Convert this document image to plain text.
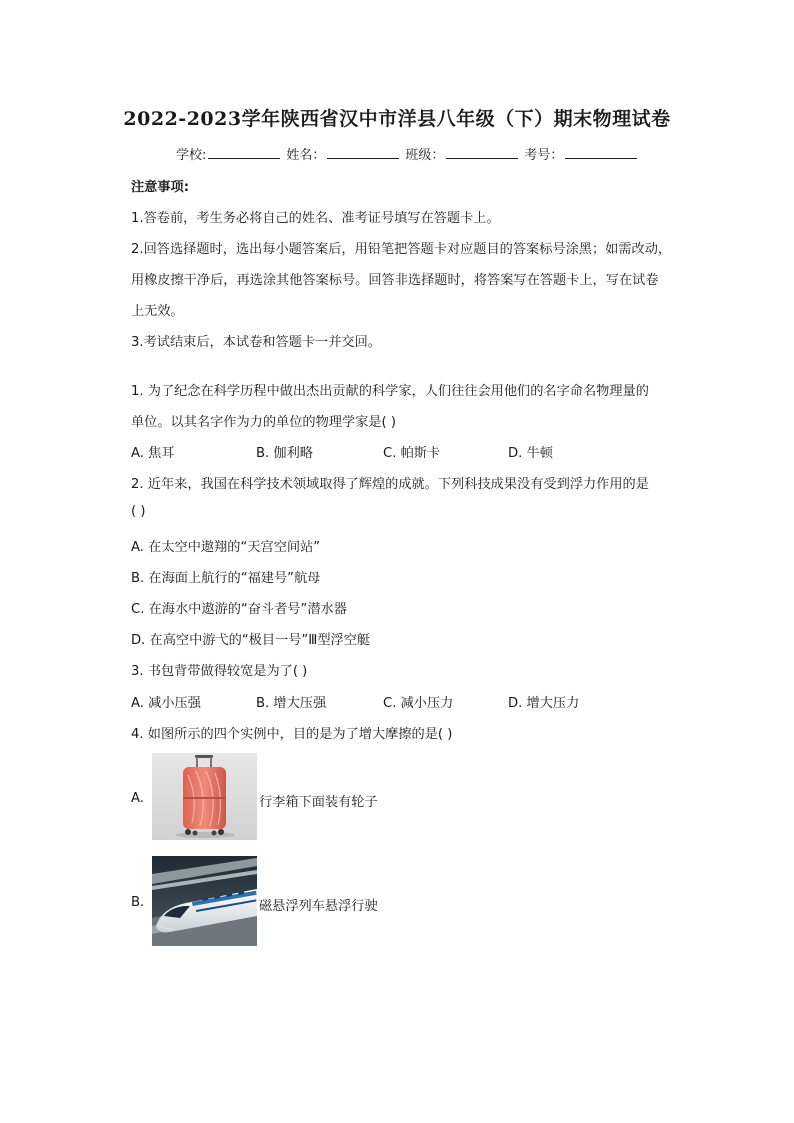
2022-2023学年陕西省汉中市洋县八年级（下）期末物理试卷
学校:	姓名：	班级：	考号：
注意事项:
1.答卷前，考生务必将自己的姓名、准考证号填写在答题卡上。
2.回答选择题时，选出每小题答案后，用铅笔把答题卡对应题目的答案标号涂黑；如需改动，
用橡皮擦干净后，再选涂其他答案标号。回答非选择题时，将答案写在答题卡上，写在试卷
上无效。
3.考试结束后，本试卷和答题卡一并交回。
1. 为了纪念在科学历程中做出杰出贡献的科学家，人们往往会用他们的名字命名物理量的
单位。以其名字作为力的单位的物理学家是( )
A. 焦耳	B. 伽利略	C. 帕斯卡	D. 牛顿
2. 近年来，我国在科学技术领域取得了辉煌的成就。下列科技成果没有受到浮力作用的是
( )
A. 在太空中遨翔的“天宫空间站”
B. 在海面上航行的“福建号”航母
C. 在海水中遨游的“奋斗者号”潜水器
D. 在高空中游弋的“极目一号”Ⅲ型浮空艇
3. 书包背带做得较宽是为了( )
A. 减小压强	B. 增大压强	C. 减小压力	D. 增大压力
4. 如图所示的四个实例中，目的是为了增大摩擦的是( )
A.	行李箱下面装有轮子
B.	磁悬浮列车悬浮行驶
